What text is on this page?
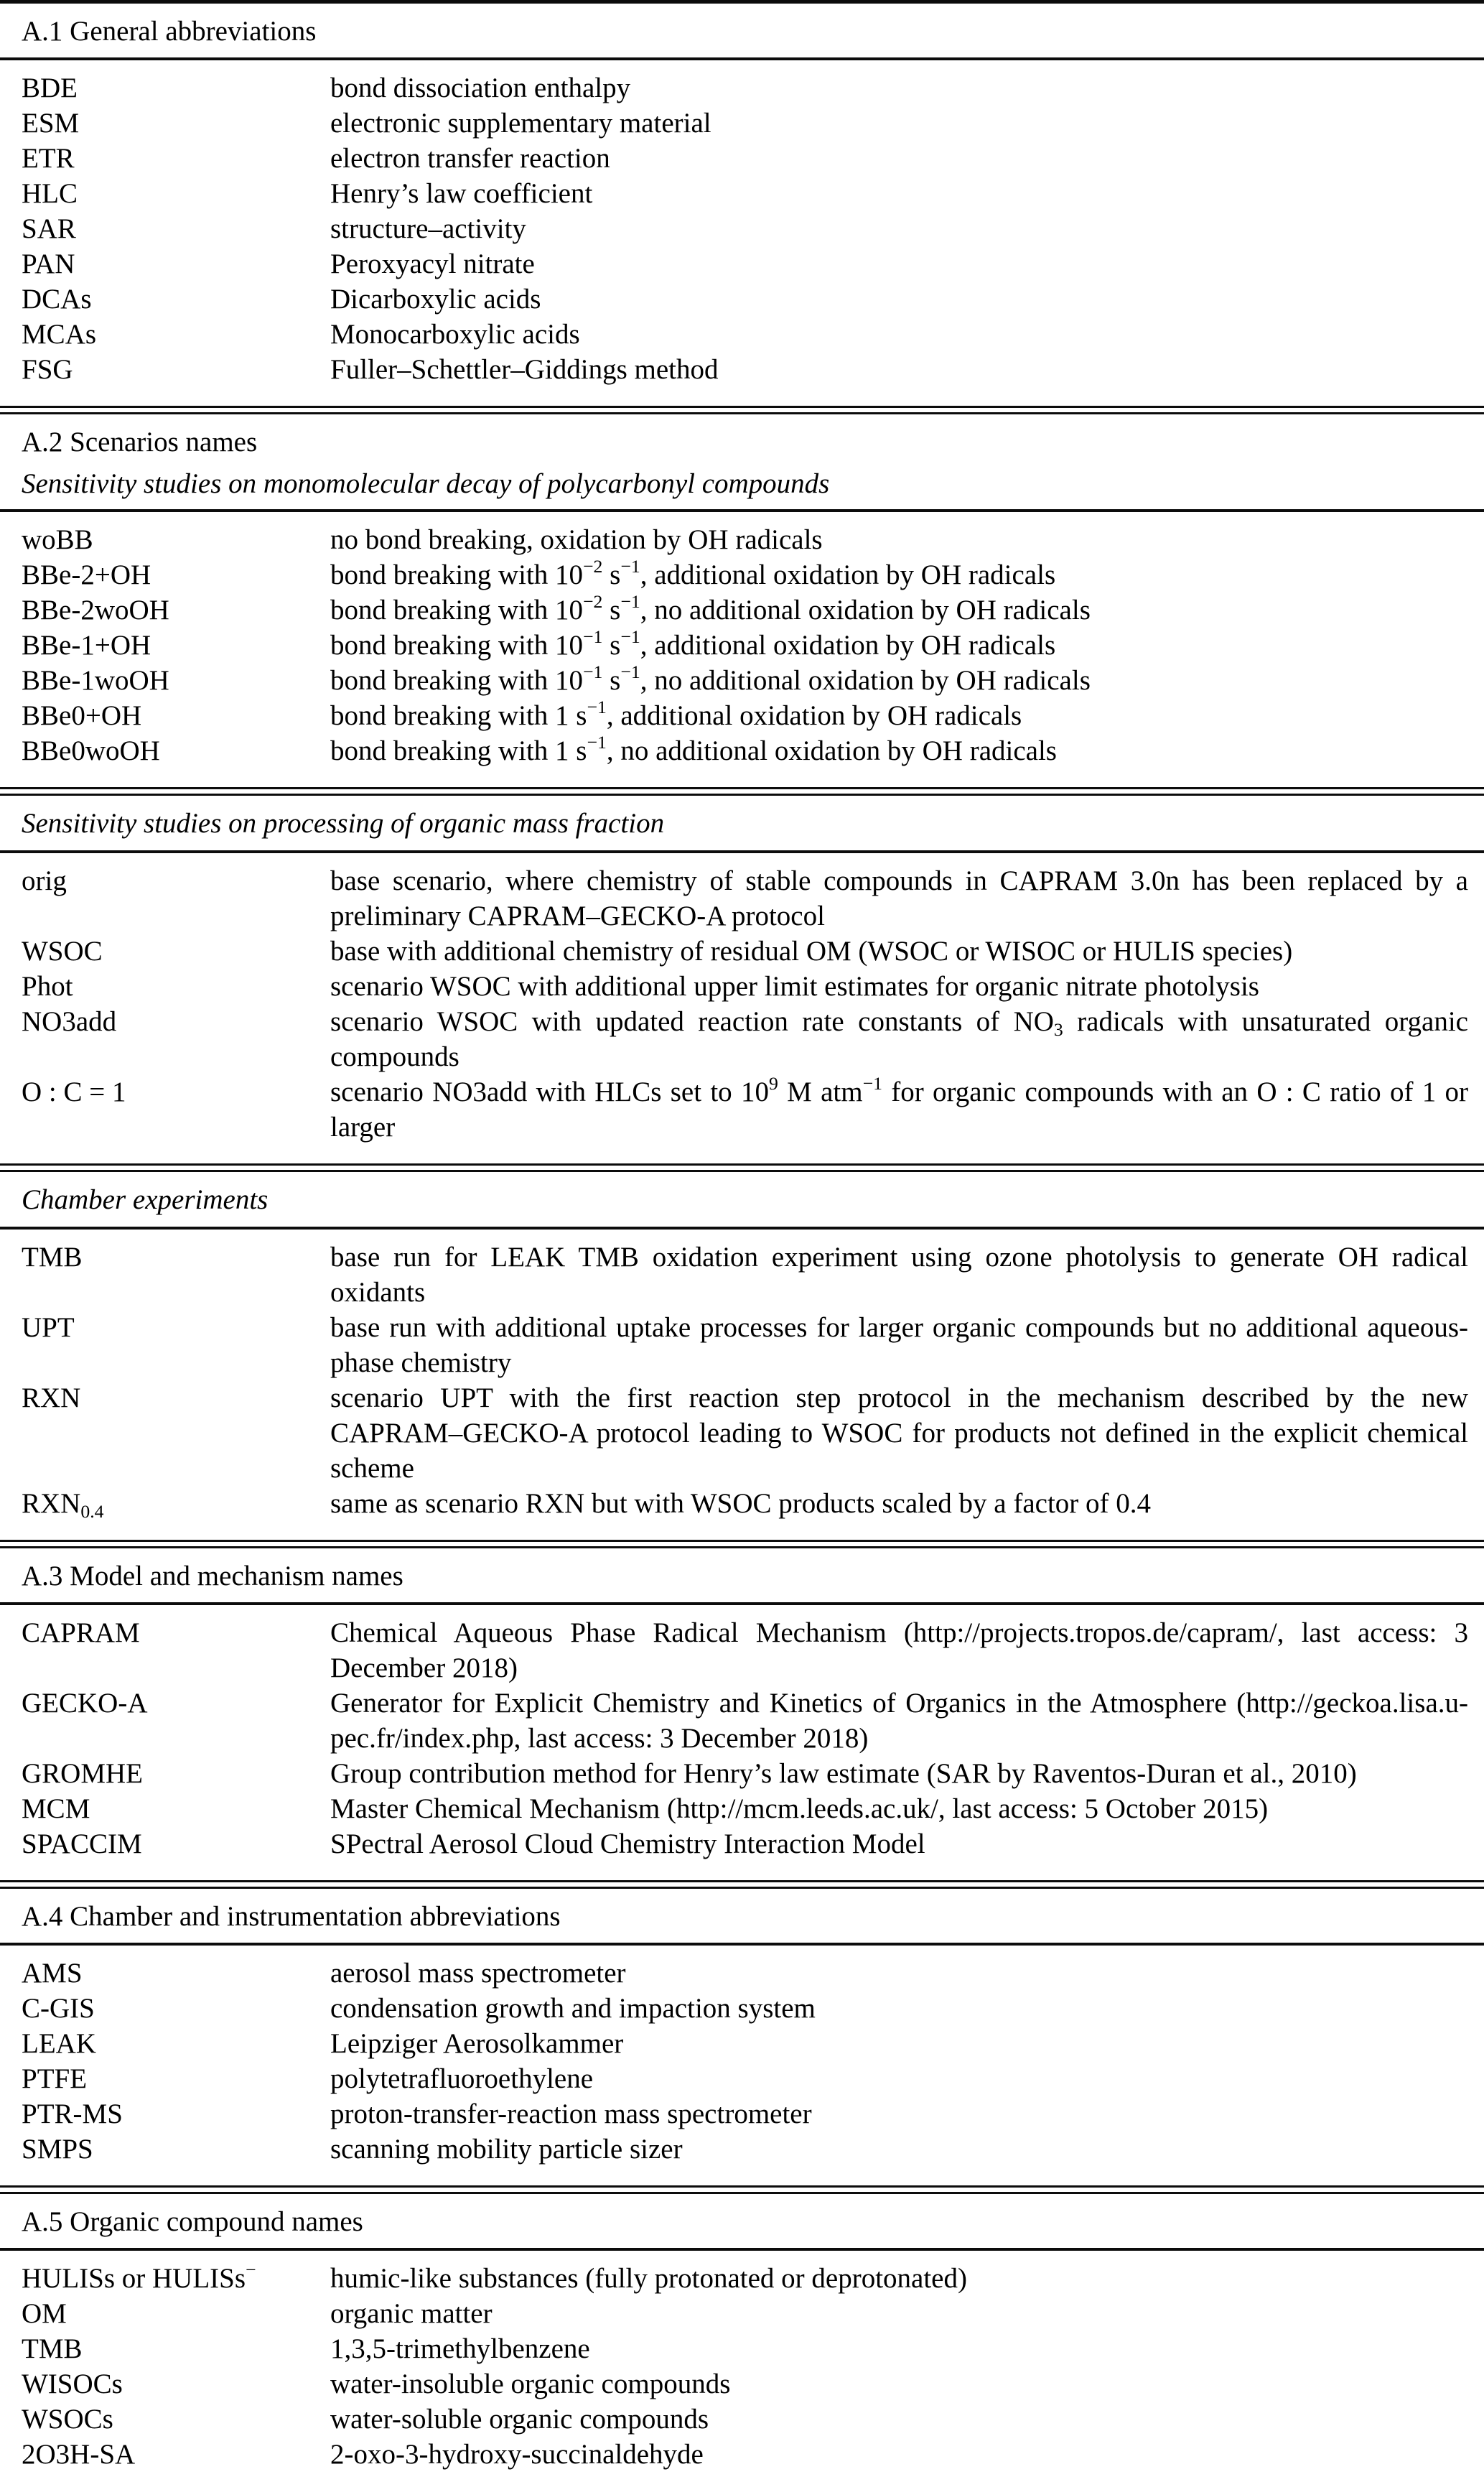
A.1 General abbreviations
BDE	bond dissociation enthalpy
ESM	electronic supplementary material
ETR	electron transfer reaction
HLC	Henry’s law coefficient
SAR	structure–activity
PAN	Peroxyacyl nitrate
DCAs	Dicarboxylic acids
MCAs	Monocarboxylic acids
FSG	Fuller–Schettler–Giddings method
A.2 Scenarios names
Sensitivity studies on monomolecular decay of polycarbonyl compounds
woBB	no bond breaking, oxidation by OH radicals
BBe-2+OH	bond breaking with $10^{-2}$ $s^{-1}$, additional oxidation by OH radicals
BBe-2woOH	bond breaking with $10^{-2}$ $s^{-1}$, no additional oxidation by OH radicals
BBe-1+OH	bond breaking with $10^{-1}$ $s^{-1}$, additional oxidation by OH radicals
BBe-1woOH	bond breaking with $10^{-1}$ $s^{-1}$, no additional oxidation by OH radicals
BBe0+OH	bond breaking with 1 $s^{-1}$, additional oxidation by OH radicals
BBe0woOH	bond breaking with 1 $s^{-1}$, no additional oxidation by OH radicals
Sensitivity studies on processing of organic mass fraction
orig	base scenario, where chemistry of stable compounds in CAPRAM 3.0n has been replaced by a preliminary CAPRAM–GECKO-A protocol
WSOC	base with additional chemistry of residual OM (WSOC or WISOC or HULIS species)
Phot	scenario WSOC with additional upper limit estimates for organic nitrate photolysis
NO3add	scenario WSOC with updated reaction rate constants of $NO_3$ radicals with unsaturated organic compounds
O : C = 1	scenario NO3add with HLCs set to $10^9$ M atm$^{-1}$ for organic compounds with an O : C ratio of 1 or larger
Chamber experiments
TMB	base run for LEAK TMB oxidation experiment using ozone photolysis to generate OH radical oxidants
UPT	base run with additional uptake processes for larger organic compounds but no additional aqueous-phase chemistry
RXN	scenario UPT with the first reaction step protocol in the mechanism described by the new CAPRAM–GECKO-A protocol leading to WSOC for products not defined in the explicit chemical scheme
$RXN_{0.4}$	same as scenario RXN but with WSOC products scaled by a factor of 0.4
A.3 Model and mechanism names
CAPRAM	Chemical Aqueous Phase Radical Mechanism (http://projects.tropos.de/capram/, last access: 3 December 2018)
GECKO-A	Generator for Explicit Chemistry and Kinetics of Organics in the Atmosphere (http://geckoa.lisa.u-pec.fr/index.php, last access: 3 December 2018)
GROMHE	Group contribution method for Henry’s law estimate (SAR by Raventos-Duran et al., 2010)
MCM	Master Chemical Mechanism (http://mcm.leeds.ac.uk/, last access: 5 October 2015)
SPACCIM	SPectral Aerosol Cloud Chemistry Interaction Model
A.4 Chamber and instrumentation abbreviations
AMS	aerosol mass spectrometer
C-GIS	condensation growth and impaction system
LEAK	Leipziger Aerosolkammer
PTFE	polytetrafluoroethylene
PTR-MS	proton-transfer-reaction mass spectrometer
SMPS	scanning mobility particle sizer
A.5 Organic compound names
HULISs or HULISs−	humic-like substances (fully protonated or deprotonated)
OM	organic matter
TMB	1,3,5-trimethylbenzene
WISOCs	water-insoluble organic compounds
WSOCs	water-soluble organic compounds
2O3H-SA	2-oxo-3-hydroxy-succinaldehyde
